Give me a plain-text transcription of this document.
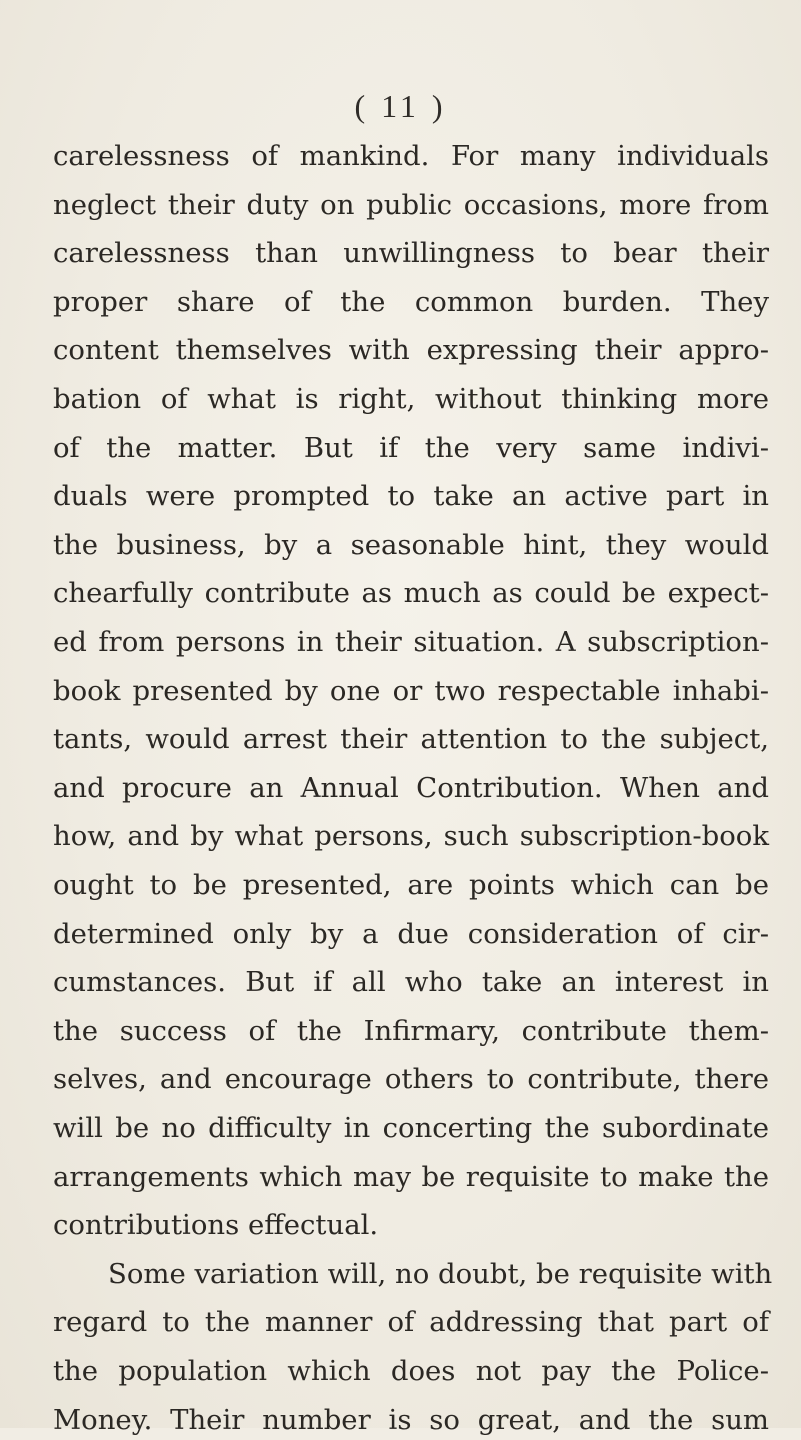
( 11 )
carelessness of mankind. For many individuals
neglect their duty on public occasions, more from
carelessness than unwillingness to bear their
proper share of the common burden. They
content themselves with expressing their appro-
bation of what is right, without thinking more
of the matter. But if the very same indivi-
duals were prompted to take an active part in
the business, by a seasonable hint, they would
chearfully contribute as much as could be expect-
ed from persons in their situation. A subscription-
book presented by one or two respectable inhabi-
tants, would arrest their attention to the subject,
and procure an Annual Contribution. When and
how, and by what persons, such subscription-book
ought to be presented, are points which can be
determined only by a due consideration of cir-
cumstances. But if all who take an interest in
the success of the Infirmary, contribute them-
selves, and encourage others to contribute, there
will be no difficulty in concerting the subordinate
arrangements which may be requisite to make the
contributions effectual.
Some variation will, no doubt, be requisite with
regard to the manner of addressing that part of
the population which does not pay the Police-
Money. Their number is so great, and the sum
